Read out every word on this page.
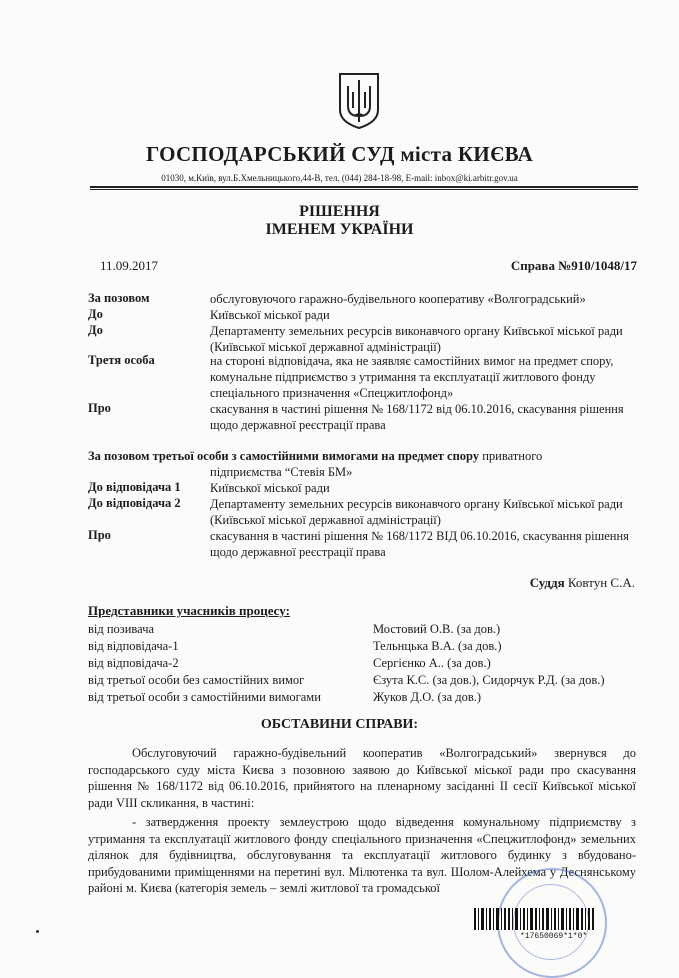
ГОСПОДАРСЬКИЙ СУД міста КИЄВА
01030, м.Київ, вул.Б.Хмельницького,44-В, тел. (044) 284-18-98, E-mail: inbox@ki.arbitr.gov.ua
РІШЕННЯ
ІМЕНЕМ УКРАЇНИ
11.09.2017	Справа №910/1048/17
За позовом	обслуговуючого гаражно-будівельного кооперативу «Волгоградський»
До	Київської міської ради
До	Департаменту земельних ресурсів виконавчого органу Київської міської ради (Київської міської державної адміністрації)
Третя особа	на стороні відповідача, яка не заявляє самостійних вимог на предмет спору, комунальне підприємство з утримання та експлуатації житлового фонду спеціального призначення «Спецжитлофонд»
Про	скасування в частині рішення № 168/1172 від 06.10.2016, скасування рішення щодо державної реєстрації права
За позовом третьої особи з самостійними вимогами на предмет спору приватного
підприємства “Стевія БМ»
До відповідача 1 Київської міської ради
До відповідача 2 Департаменту земельних ресурсів виконавчого органу Київської міської ради (Київської міської державної адміністрації)
Про	скасування в частині рішення № 168/1172 ВІД 06.10.2016, скасування рішення щодо державної реєстрації права
Суддя Ковтун С.А.
Представники учасників процесу:
від позивача	Мостовий О.В. (за дов.)
від відповідача-1	Тельнцька В.А. (за дов.)
від відповідача-2	Сергієнко А.. (за дов.)
від третьої особи без самостійних вимог	Єзута К.С. (за дов.), Сидорчук Р.Д. (за дов.)
від третьої особи з самостійними вимогами	Жуков Д.О. (за дов.)
ОБСТАВИНИ СПРАВИ:
Обслуговуючий гаражно-будівельний кооператив «Волгоградський» звернувся до господарського суду міста Києва з позовною заявою до Київської міської ради про скасування рішення № 168/1172 від 06.10.2016, прийнятого на пленарному засіданні II сесії Київської міської ради VIII скликання, в частині:
- затвердження проекту землеустрою щодо відведення комунальному підприємству з утримання та експлуатації житлового фонду спеціального призначення «Спецжитлофонд» земельних ділянок для будівництва, обслуговування та експлуатації житлового будинку з вбудовано-прибудованими приміщеннями на перетині вул. Мілютенка та вул. Шолом-Алейхема у Деснянському районі м. Києва (категорія земель – землі житлової та громадської
*17650069*1*0*
